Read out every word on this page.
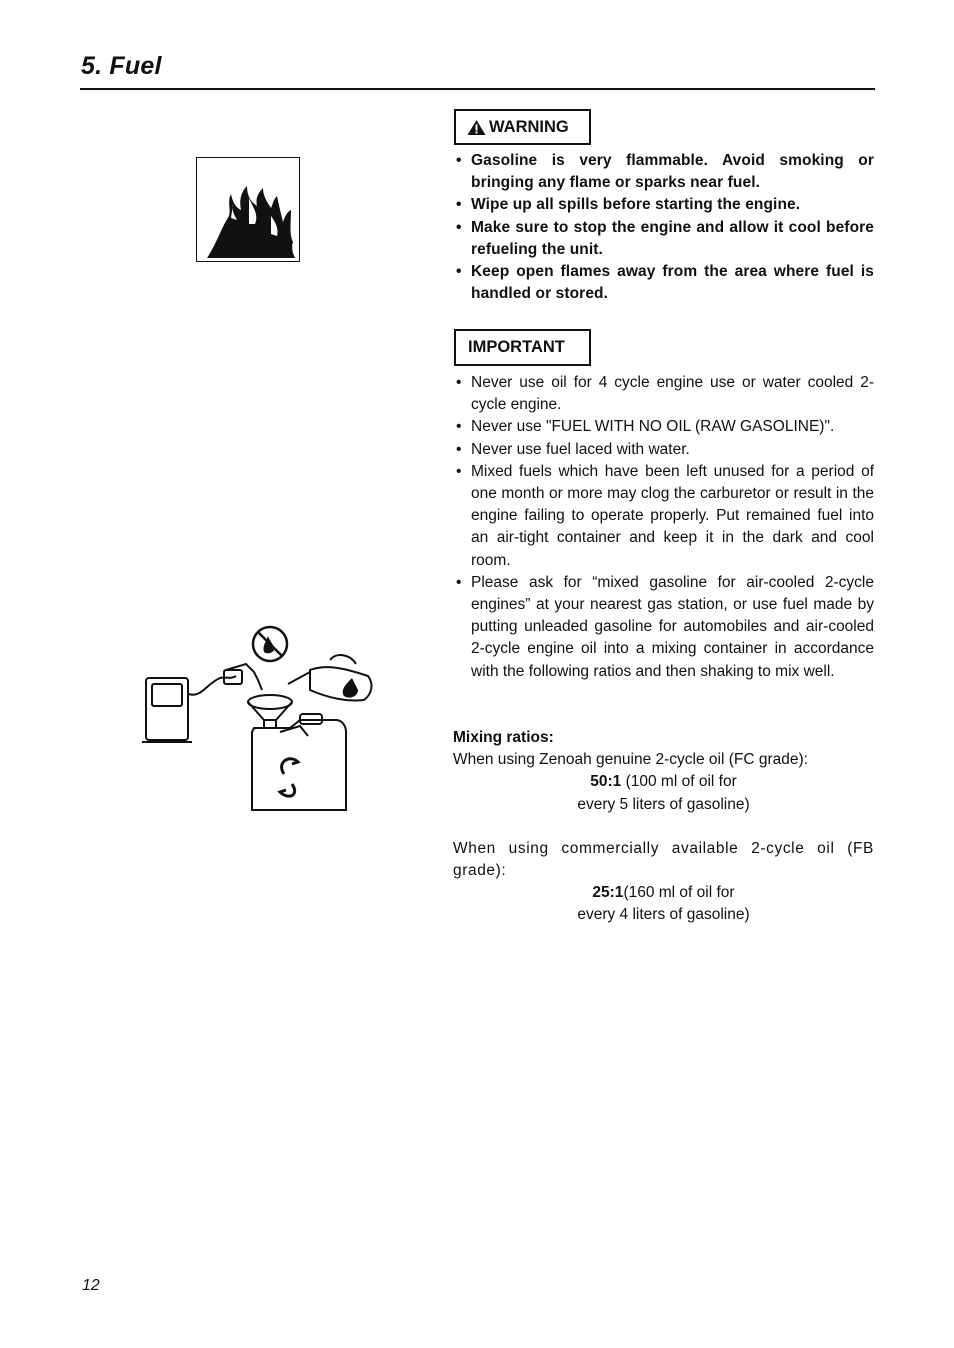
5. Fuel
WARNING
• Gasoline is very flammable. Avoid smoking or bringing any flame or sparks near fuel.
• Wipe up all spills before starting the engine.
• Make sure to stop the engine and allow it cool before refueling the unit.
• Keep open flames away from the area where fuel is handled or stored.
IMPORTANT
• Never use oil for 4 cycle engine use or water cooled 2-cycle engine.
• Never use "FUEL WITH NO OIL (RAW GASOLINE)".
• Never use fuel laced with water.
• Mixed fuels which have been left unused for a period of one month or more may clog the carburetor or result in the engine failing to operate properly. Put remained fuel into an air-tight container and keep it in the dark and cool room.
• Please ask for “mixed gasoline for air-cooled 2-cycle engines” at your nearest gas station, or use fuel made by putting unleaded gasoline for automobiles and air-cooled 2-cycle engine oil into a mixing container in accordance with the following ratios and then shaking to mix well.

Mixing ratios:

When using Zenoah genuine 2-cycle oil (FC grade):

50:1 (100 ml of oil for

every 5 liters of gasoline)

When using commercially available 2-cycle oil (FB grade):

25:1(160 ml of oil for

every 4 liters of gasoline)

12
